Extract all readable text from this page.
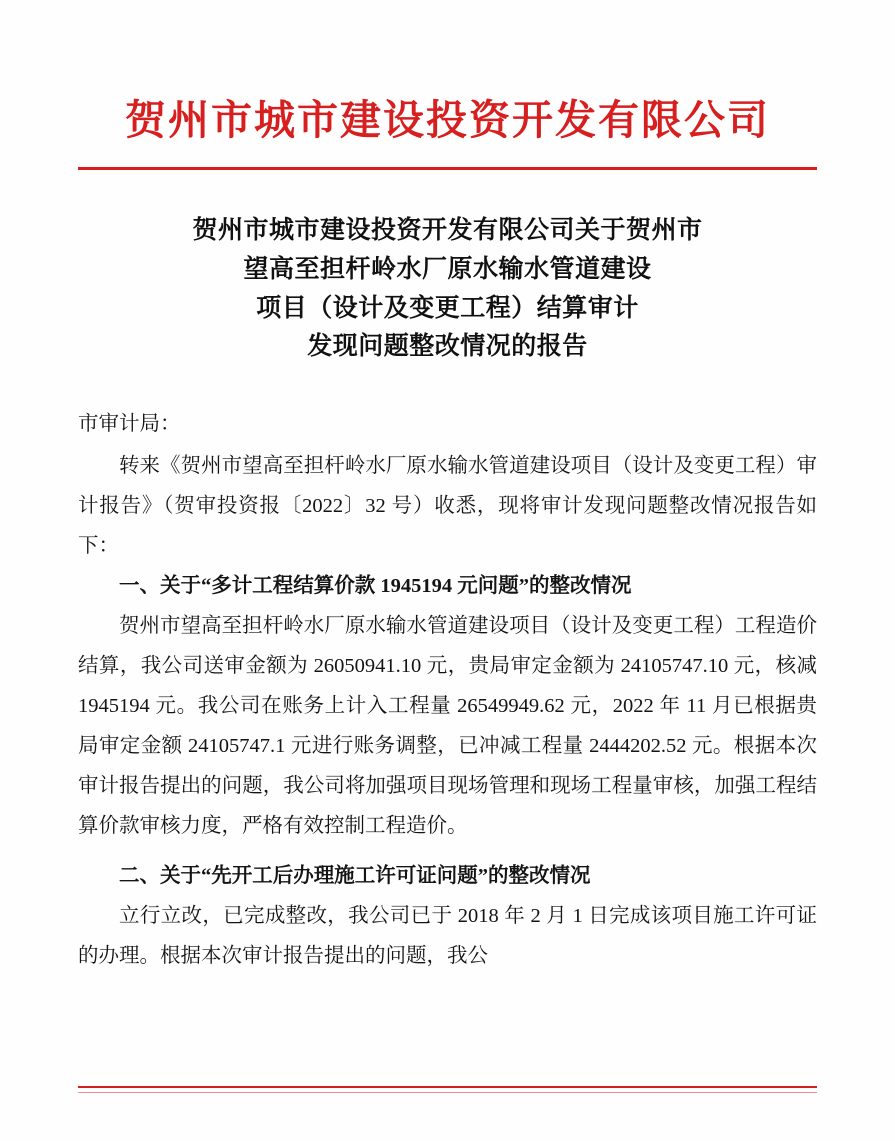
贺州市城市建设投资开发有限公司
贺州市城市建设投资开发有限公司关于贺州市
望高至担杆岭水厂原水输水管道建设
项目（设计及变更工程）结算审计
发现问题整改情况的报告
市审计局：
转来《贺州市望高至担杆岭水厂原水输水管道建设项目（设计及变更工程）审计报告》（贺审投资报〔2022〕32 号）收悉，现将审计发现问题整改情况报告如下：
一、关于“多计工程结算价款 1945194 元问题”的整改情况
贺州市望高至担杆岭水厂原水输水管道建设项目（设计及变更工程）工程造价结算，我公司送审金额为 26050941.10 元，贵局审定金额为 24105747.10 元，核减 1945194 元。我公司在账务上计入工程量 26549949.62 元，2022 年 11 月已根据贵局审定金额 24105747.1 元进行账务调整，已冲减工程量 2444202.52 元。根据本次审计报告提出的问题，我公司将加强项目现场管理和现场工程量审核，加强工程结算价款审核力度，严格有效控制工程造价。
二、关于“先开工后办理施工许可证问题”的整改情况
立行立改，已完成整改，我公司已于 2018 年 2 月 1 日完成该项目施工许可证的办理。根据本次审计报告提出的问题，我公
